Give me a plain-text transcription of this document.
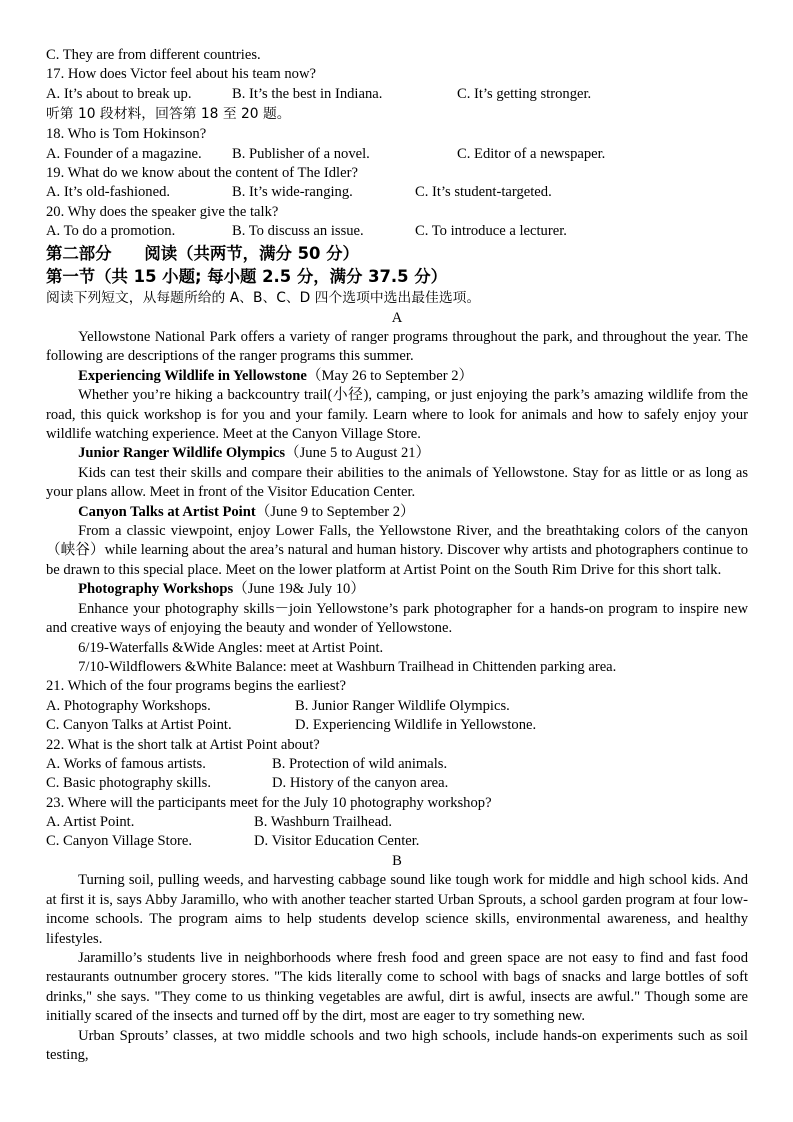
C. They are from different countries.
17. How does Victor feel about his team now?
A. It’s about to break up.	B. It’s the best in Indiana.	C. It’s getting stronger.
听第 10 段材料，回答第 18 至 20 题。
18. Who is Tom Hokinson?
A. Founder of a magazine. B. Publisher of a novel.	C. Editor of a newspaper.
19. What do we know about the content of The Idler?
A. It’s old-fashioned.	B. It’s wide-ranging.	C. It’s student-targeted.
20. Why does the speaker give the talk?
A. To do a promotion.	B. To discuss an issue.	C. To introduce a lecturer.
第二部分　　阅读（共两节，满分 50 分）
第一节（共 15 小题; 每小题 2.5 分，满分 37.5 分）
阅读下列短文，从每题所给的 A、B、C、D 四个选项中选出最佳选项。
A

Yellowstone National Park offers a variety of ranger programs throughout the park, and throughout the year. The following are descriptions of the ranger programs this summer.

Experiencing Wildlife in Yellowstone（May 26 to September 2）

Whether you’re hiking a backcountry trail(小径), camping, or just enjoying the park’s amazing wildlife from the road, this quick workshop is for you and your family. Learn where to look for animals and how to safely enjoy your wildlife watching experience. Meet at the Canyon Village Store.

Junior Ranger Wildlife Olympics（June 5 to August 21）

Kids can test their skills and compare their abilities to the animals of Yellowstone. Stay for as little or as long as your plans allow. Meet in front of the Visitor Education Center.

Canyon Talks at Artist Point（June 9 to September 2）

From a classic viewpoint, enjoy Lower Falls, the Yellowstone River, and the breathtaking colors of the canyon（峡谷）while learning about the area’s natural and human history. Discover why artists and photographers continue to be drawn to this special place. Meet on the lower platform at Artist Point on the South Rim Drive for this short talk.

Photography Workshops（June 19& July 10）

Enhance your photography skills－join Yellowstone’s park photographer for a hands-on program to inspire new and creative ways of enjoying the beauty and wonder of Yellowstone.

6/19-Waterfalls &Wide Angles: meet at Artist Point.

7/10-Wildflowers &White Balance: meet at Washburn Trailhead in Chittenden parking area.

21. Which of the four programs begins the earliest?
A. Photography Workshops.	B. Junior Ranger Wildlife Olympics.
C. Canyon Talks at Artist Point.	D. Experiencing Wildlife in Yellowstone.
22. What is the short talk at Artist Point about?
A. Works of famous artists.	B. Protection of wild animals.
C. Basic photography skills.	D. History of the canyon area.
23. Where will the participants meet for the July 10 photography workshop?
A. Artist Point.	B. Washburn Trailhead.
C. Canyon Village Store.	D. Visitor Education Center.
B

Turning soil, pulling weeds, and harvesting cabbage sound like tough work for middle and high school kids. And at first it is, says Abby Jaramillo, who with another teacher started Urban Sprouts, a school garden program at four low-income schools. The program aims to help students develop science skills, environmental awareness, and healthy lifestyles.

Jaramillo’s students live in neighborhoods where fresh food and green space are not easy to find and fast food restaurants outnumber grocery stores. "The kids literally come to school with bags of snacks and large bottles of soft drinks," she says. "They come to us thinking vegetables are awful, dirt is awful, insects are awful." Though some are initially scared of the insects and turned off by the dirt, most are eager to try something new.

Urban Sprouts’ classes, at two middle schools and two high schools, include hands-on experiments such as soil testing,
